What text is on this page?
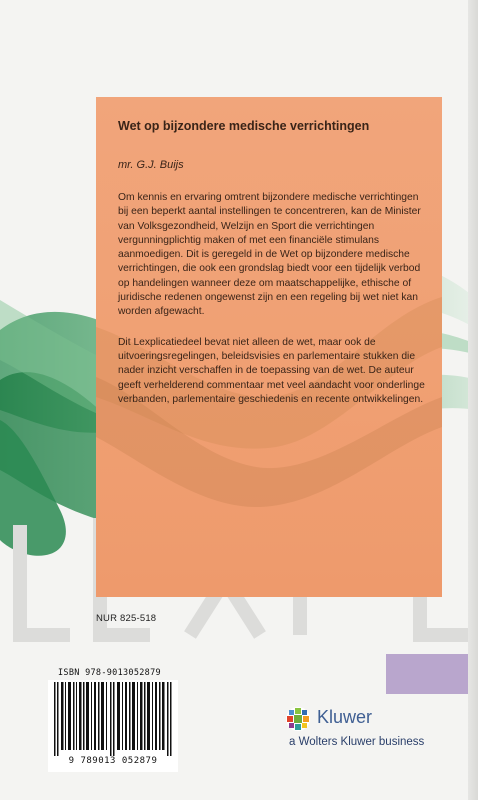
Wet op bijzondere medische verrichtingen

mr. G.J. Buijs

Om kennis en ervaring omtrent bijzondere medische verrichtingen bij een beperkt aantal instellingen te concentreren, kan de Minister van Volksgezondheid, Welzijn en Sport die verrichtingen vergunningplichtig maken of met een financiële stimulans aanmoedigen. Dit is geregeld in de Wet op bijzondere medische verrichtingen, die ook een grondslag biedt voor een tijdelijk verbod op handelingen wanneer deze om maatschappelijke, ethische of juridische redenen ongewenst zijn en een regeling bij wet niet kan worden afgewacht.

Dit Lexplicatiedeel bevat niet alleen de wet, maar ook de uitvoeringsregelingen, beleidsvisies en parlementaire stukken die nader inzicht verschaffen in de toepassing van de wet. De auteur geeft verhelderend commentaar met veel aandacht voor onderlinge verbanden, parlementaire geschiedenis en recente ontwikkelingen.

NUR 825-518
ISBN 978-9013052879
9 789013 052879
Kluwer
a Wolters Kluwer business
